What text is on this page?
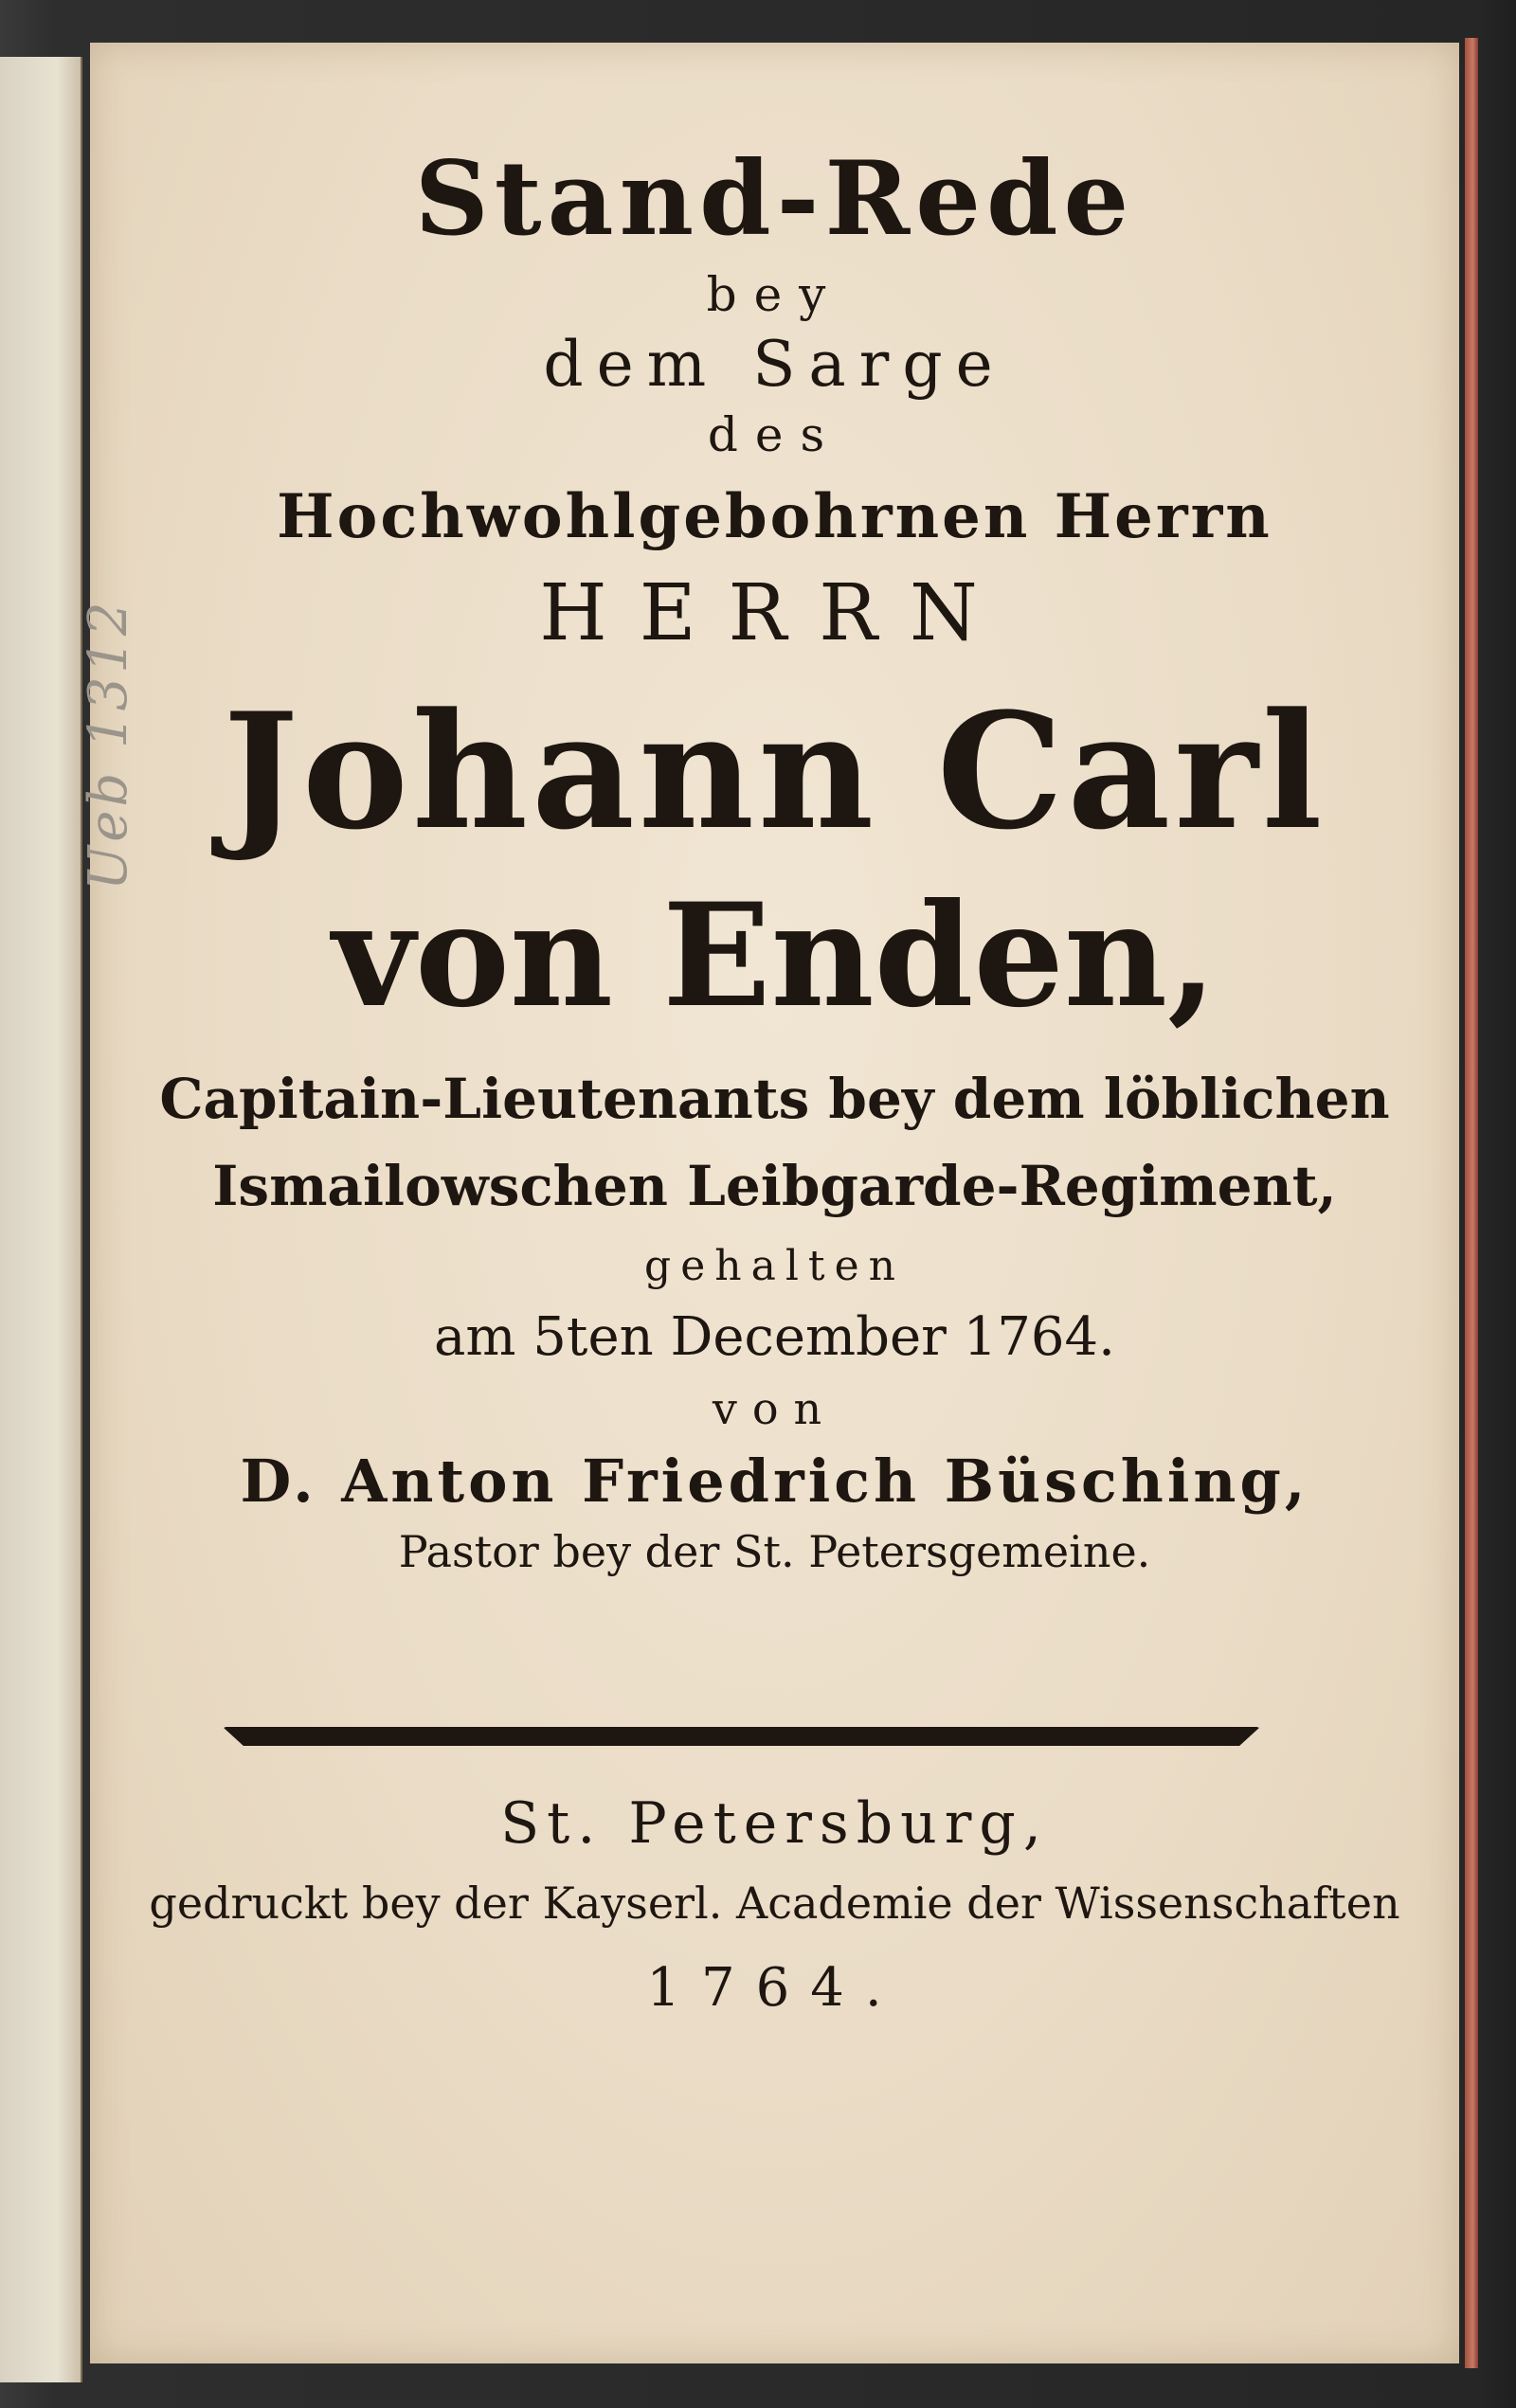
Ueb 1312
Stand-Rede
bey
dem Sarge
des
Hochwohlgebohrnen Herrn
HERRN
Johann Carl
von Enden,
Capitain-Lieutenants bey dem löblichen
Ismailowschen Leibgarde-Regiment,
gehalten
am 5ten December 1764.
von
D. Anton Friedrich Büsching,
Pastor bey der St. Petersgemeine.
St. Petersburg,
gedruckt bey der Kayserl. Academie der Wissenschaften
1764.
